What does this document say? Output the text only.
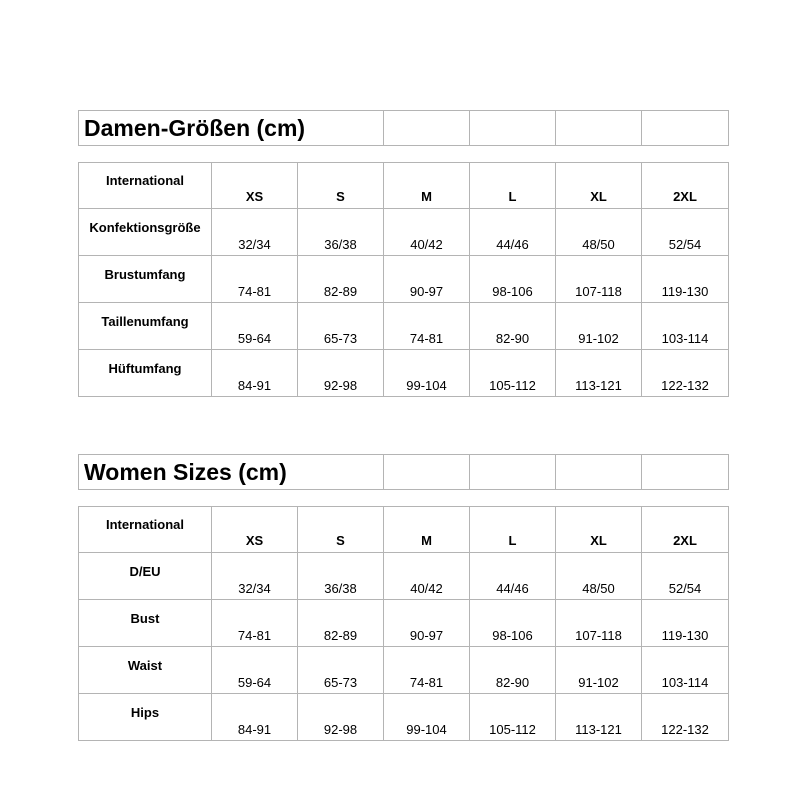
Damen-Größen (cm)				
International	XS	S	M	L	XL	2XL
Konfektionsgröße	32/34	36/38	40/42	44/46	48/50	52/54
Brustumfang	74-81	82-89	90-97	98-106	107-118	119-130
Taillenumfang	59-64	65-73	74-81	82-90	91-102	103-114
Hüftumfang	84-91	92-98	99-104	105-112	113-121	122-132
Women Sizes (cm)				
International	XS	S	M	L	XL	2XL
D/EU	32/34	36/38	40/42	44/46	48/50	52/54
Bust	74-81	82-89	90-97	98-106	107-118	119-130
Waist	59-64	65-73	74-81	82-90	91-102	103-114
Hips	84-91	92-98	99-104	105-112	113-121	122-132
